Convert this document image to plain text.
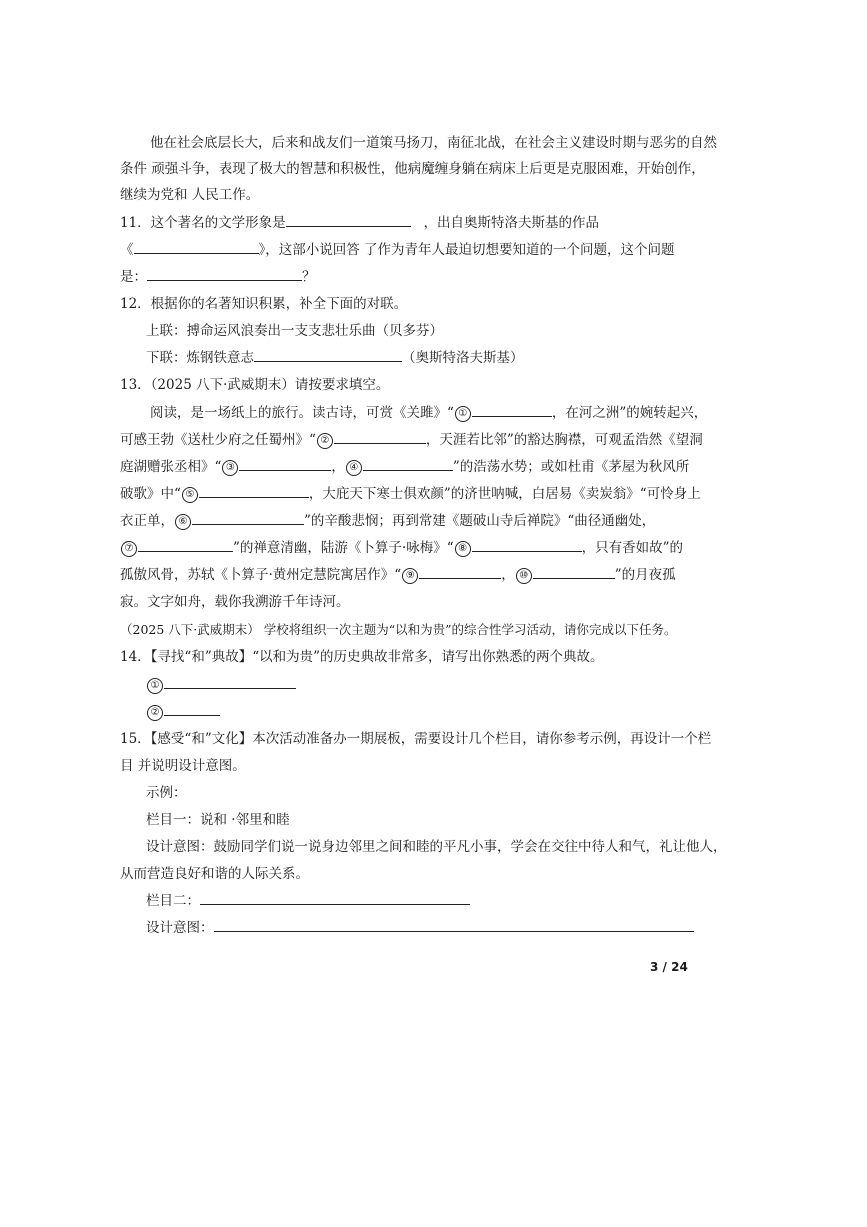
他在社会底层长大，后来和战友们一道策马扬刀，南征北战，在社会主义建设时期与恶劣的自然
条件 顽强斗争，表现了极大的智慧和积极性，他病魔缠身躺在病床上后更是克服困难，开始创作，
继续为党和 人民工作。
11．这个著名的文学形象是	，出自奥斯特洛夫斯基的作品
《	》，这部小说回答 了作为青年人最迫切想要知道的一个问题，这个问题
是：	？
12．根据你的名著知识积累，补全下面的对联。
上联：搏命运风浪奏出一支支悲壮乐曲（贝多芬）
下联：炼钢铁意志	（奥斯特洛夫斯基）
13．（2025 八下·武威期末）请按要求填空。
阅读，是一场纸上的旅行。读古诗，可赏《关雎》“ ①	，在河之洲”的婉转起兴，
可感王勃《送杜少府之任蜀州》“ ②	，天涯若比邻”的豁达胸襟，可观孟浩然《望洞
庭湖赠张丞相》“ ③	， ④	”的浩荡水势；或如杜甫《茅屋为秋风所
破歌》中“ ⑤	，大庇天下寒士俱欢颜”的济世呐喊，白居易《卖炭翁》“可怜身上
衣正单， ⑥	”的辛酸悲悯；再到常建《题破山寺后禅院》“曲径通幽处，
⑦	”的禅意清幽，陆游《卜算子·咏梅》“ ⑧	，只有香如故”的
孤傲风骨，苏轼《卜算子·黄州定慧院寓居作》“ ⑨	， ⑩	”的月夜孤
寂。文字如舟，载你我溯游千年诗河。
（2025 八下·武威期末） 学校将组织一次主题为“以和为贵”的综合性学习活动，请你完成以下任务。
14．【寻找“和”典故】“以和为贵”的历史典故非常多，请写出你熟悉的两个典故。
①
②
15．【感受“和”文化】本次活动准备办一期展板，需要设计几个栏目，请你参考示例，再设计一个栏
目 并说明设计意图。
示例：
栏目一：说和 ·邻里和睦
设计意图：鼓励同学们说一说身边邻里之间和睦的平凡小事，学会在交往中待人和气，礼让他人，
从而营造良好和谐的人际关系。
栏目二：
设计意图：
3 / 24
